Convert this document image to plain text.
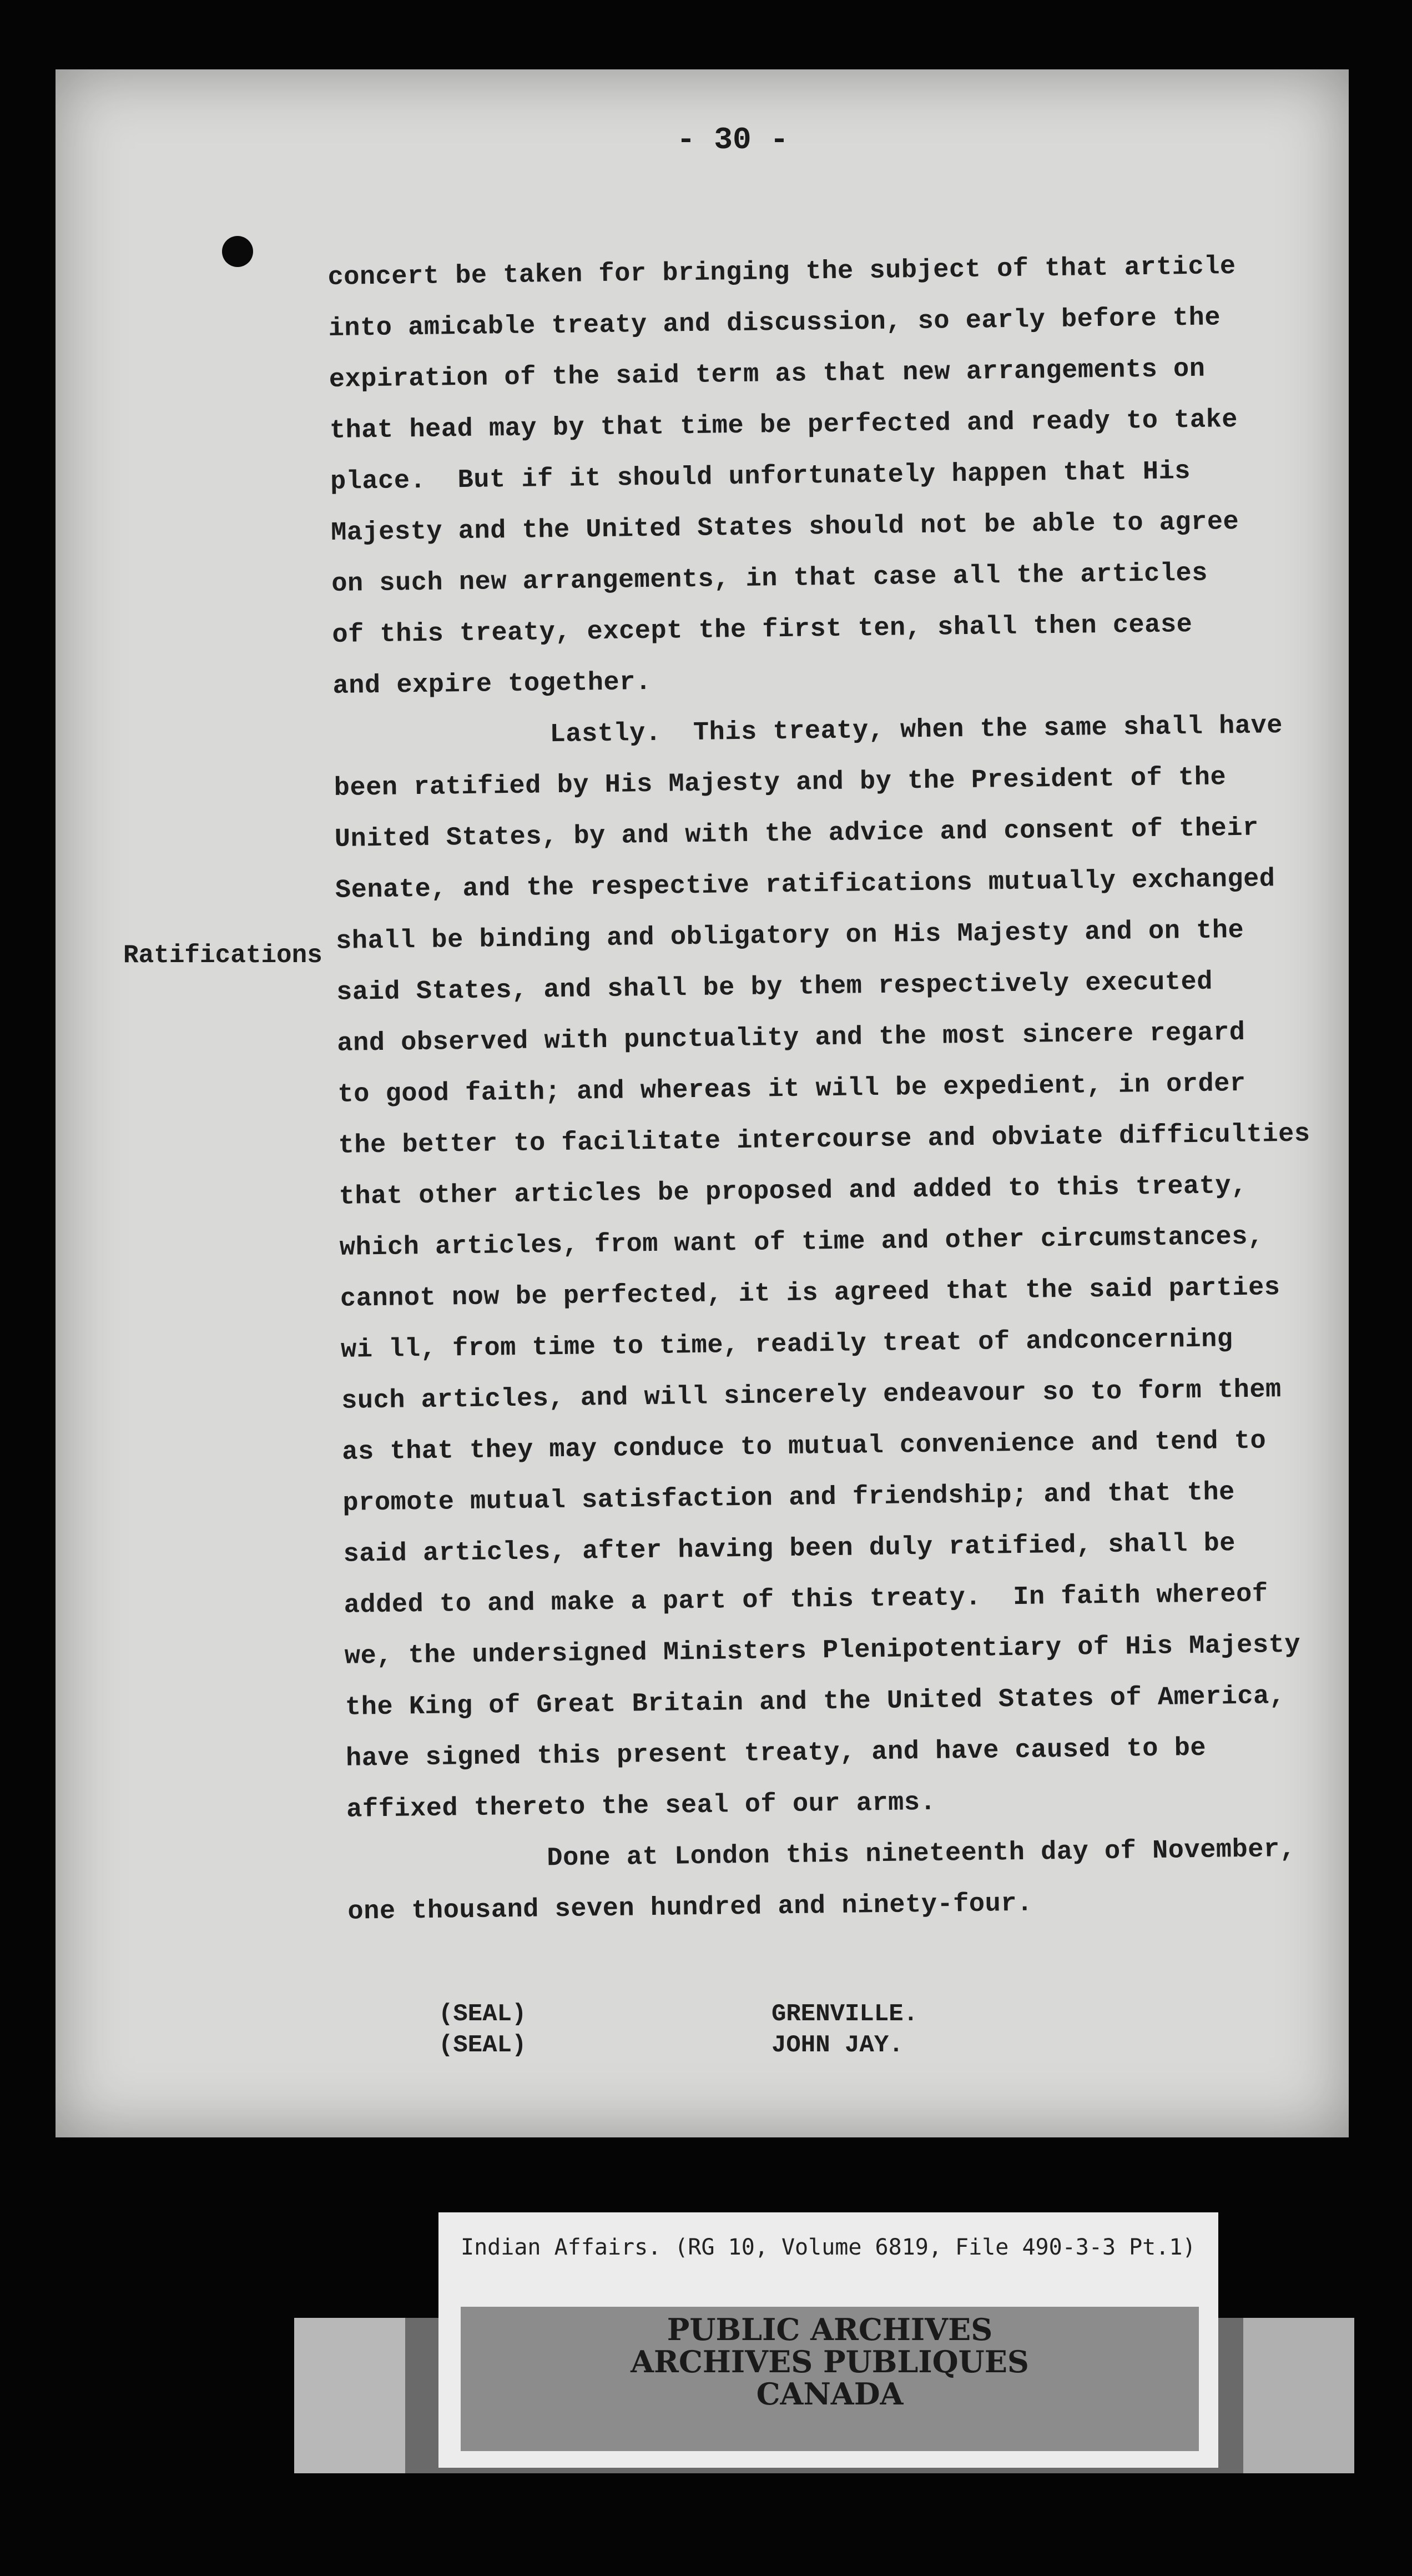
- 30 -
Ratifications
concert be taken for bringing the subject of that article
into amicable treaty and discussion, so early before the
expiration of the said term as that new arrangements on
that head may by that time be perfected and ready to take
place.  But if it should unfortunately happen that His
Majesty and the United States should not be able to agree
on such new arrangements, in that case all the articles
of this treaty, except the first ten, shall then cease
and expire together.
Lastly.  This treaty, when the same shall have
been ratified by His Majesty and by the President of the
United States, by and with the advice and consent of their
Senate, and the respective ratifications mutually exchanged
shall be binding and obligatory on His Majesty and on the
said States, and shall be by them respectively executed
and observed with punctuality and the most sincere regard
to good faith; and whereas it will be expedient, in order
the better to facilitate intercourse and obviate difficulties
that other articles be proposed and added to this treaty,
which articles, from want of time and other circumstances,
cannot now be perfected, it is agreed that the said parties
wi ll, from time to time, readily treat of andconcerning
such articles, and will sincerely endeavour so to form them
as that they may conduce to mutual convenience and tend to
promote mutual satisfaction and friendship; and that the
said articles, after having been duly ratified, shall be
added to and make a part of this treaty.  In faith whereof
we, the undersigned Ministers Plenipotentiary of His Majesty
the King of Great Britain and the United States of America,
have signed this present treaty, and have caused to be
affixed thereto the seal of our arms.
Done at London this nineteenth day of November,
one thousand seven hundred and ninety-four.
(SEAL)	GRENVILLE.
(SEAL)	JOHN JAY.
Indian Affairs. (RG 10, Volume 6819, File 490-3-3 Pt.1)
PUBLIC ARCHIVES
ARCHIVES PUBLIQUES
CANADA
